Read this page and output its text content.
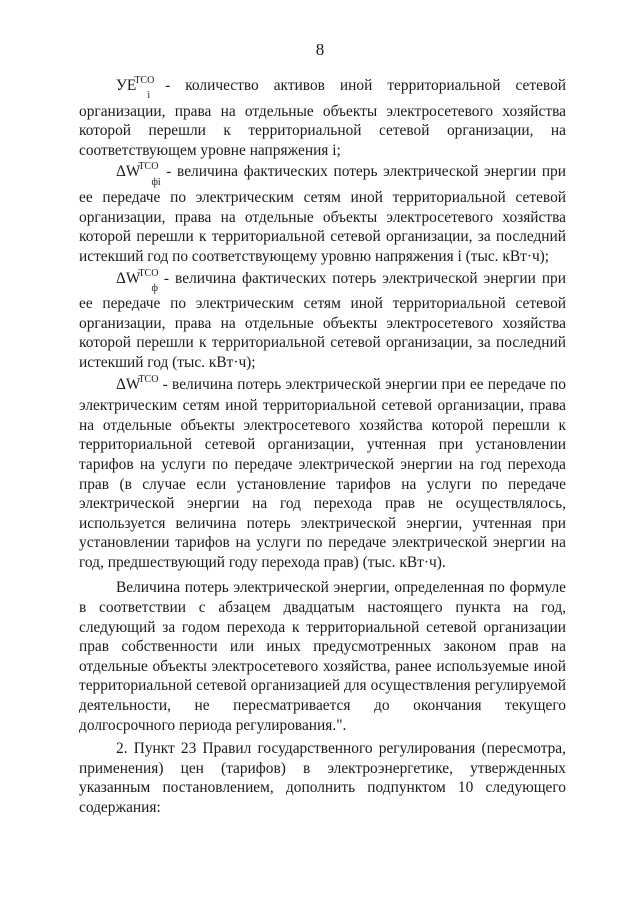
8

$УЕ^{ТСО}_i$ - количество активов иной территориальной сетевой организации, права на отдельные объекты электросетевого хозяйства которой перешли к территориальной сетевой организации, на соответствующем уровне напряжения i;

$\Delta W^{ТСО}_{фi}$ - величина фактических потерь электрической энергии при ее передаче по электрическим сетям иной территориальной сетевой организации, права на отдельные объекты электросетевого хозяйства которой перешли к территориальной сетевой организации, за последний истекший год по соответствующему уровню напряжения i (тыс. кВт·ч);

$\Delta W^{ТСО}_ф$ - величина фактических потерь электрической энергии при ее передаче по электрическим сетям иной территориальной сетевой организации, права на отдельные объекты электросетевого хозяйства которой перешли к территориальной сетевой организации, за последний истекший год (тыс. кВт·ч);

$\Delta W^{ТСО}$ - величина потерь электрической энергии при ее передаче по электрическим сетям иной территориальной сетевой организации, права на отдельные объекты электросетевого хозяйства которой перешли к территориальной сетевой организации, учтенная при установлении тарифов на услуги по передаче электрической энергии на год перехода прав (в случае если установление тарифов на услуги по передаче электрической энергии на год перехода прав не осуществлялось, используется величина потерь электрической энергии, учтенная при установлении тарифов на услуги по передаче электрической энергии на год, предшествующий году перехода прав) (тыс. кВт·ч).

Величина потерь электрической энергии, определенная по формуле в соответствии с абзацем двадцатым настоящего пункта на год, следующий за годом перехода к территориальной сетевой организации прав собственности или иных предусмотренных законом прав на отдельные объекты электросетевого хозяйства, ранее используемые иной территориальной сетевой организацией для осуществления регулируемой деятельности, не пересматривается до окончания текущего долгосрочного периода регулирования.".

2. Пункт 23 Правил государственного регулирования (пересмотра, применения) цен (тарифов) в электроэнергетике, утвержденных указанным постановлением, дополнить подпунктом 10 следующего содержания:
